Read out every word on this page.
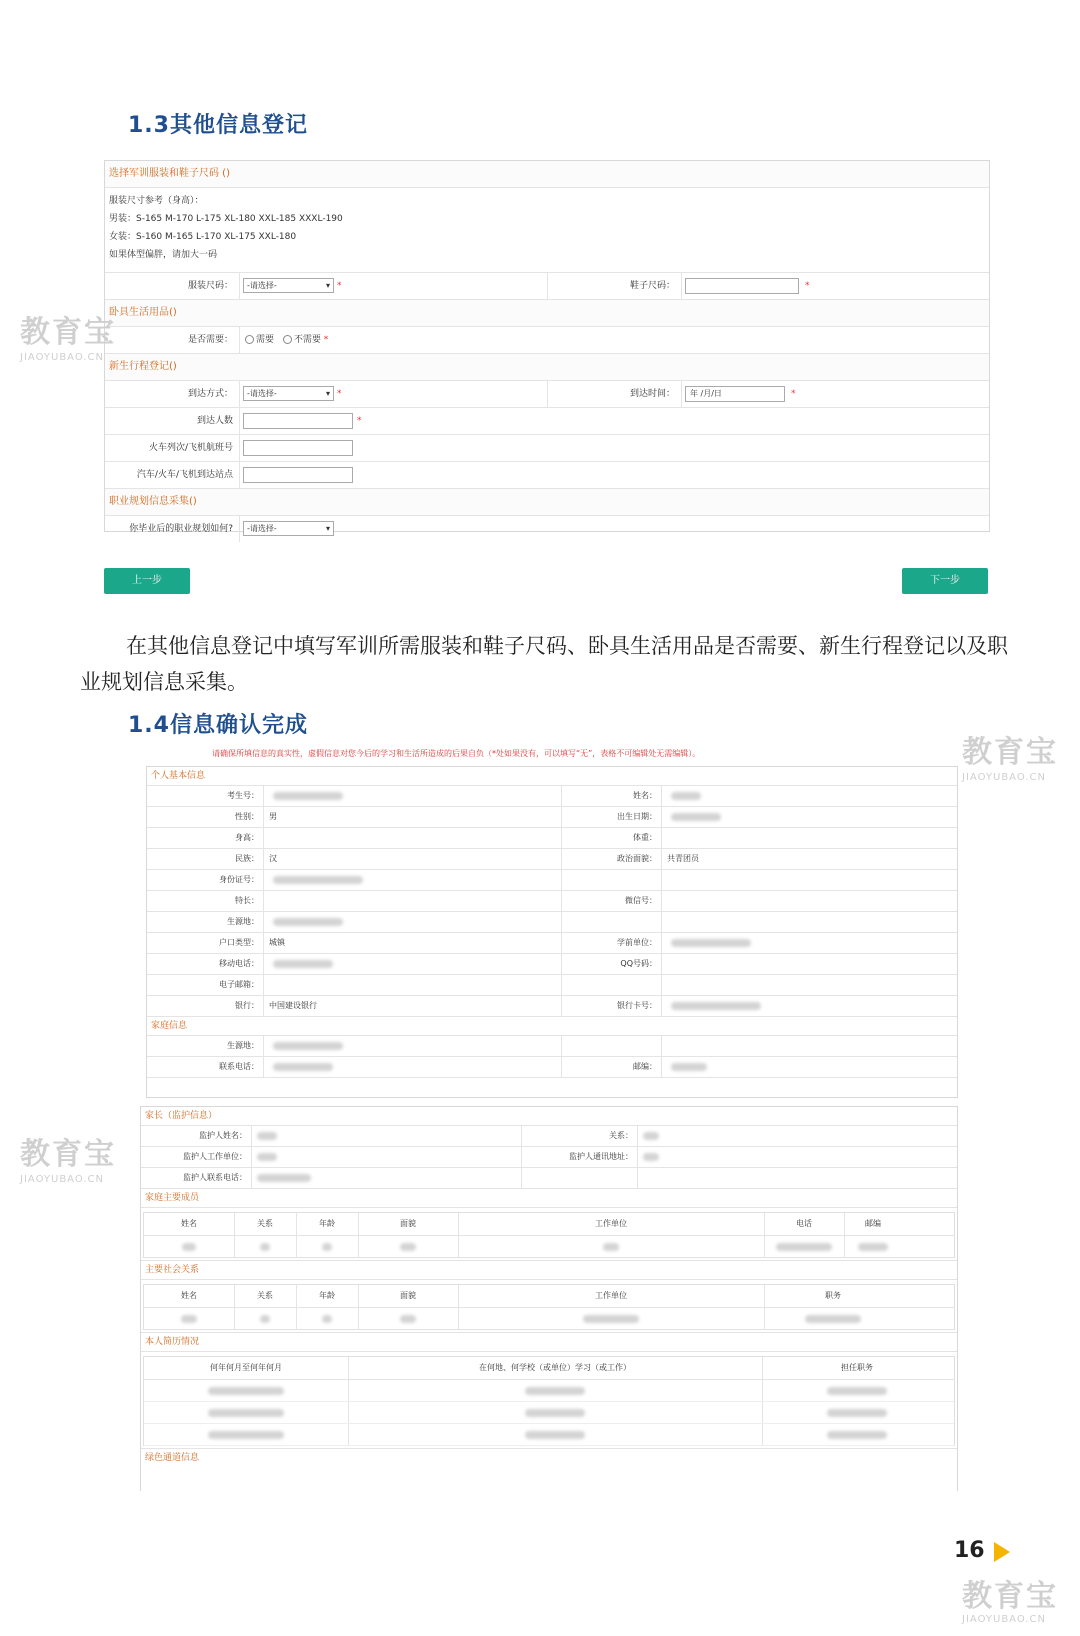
1.3其他信息登记
选择军训服装和鞋子尺码 ()
服装尺寸参考（身高）：
男装：S-165 M-170 L-175 XL-180 XXL-185 XXXL-190
女装：S-160 M-165 L-170 XL-175 XXL-180
如果体型偏胖，请加大一码
服装尺码：	-请选择-	▾ *	鞋子尺码：	*
卧具生活用品()
是否需要：	需要 不需要 *
新生行程登记()
到达方式：	-请选择-	▾ *	到达时间：	年 /月/日	*
到达人数	*
火车列次/飞机航班号
汽车/火车/飞机到达站点
职业规划信息采集()
你毕业后的职业规划如何?	-请选择-	▾
上一步	下一步
在其他信息登记中填写军训所需服装和鞋子尺码、卧具生活用品是否需要、新生行程登记以及职业规划信息采集。
1.4信息确认完成
请确保所填信息的真实性，虚假信息对您今后的学习和生活所造成的后果自负（*处如果没有，可以填写“无”，表格不可编辑处无需编辑）。
个人基本信息
考生号：	姓名：
性别： 男	出生日期：
身高：	体重：
民族： 汉	政治面貌： 共青团员
身份证号：
特长：	微信号：
生源地：
户口类型： 城镇	学前单位：
移动电话：	QQ号码：
电子邮箱：
银行： 中国建设银行	银行卡号：
家庭信息
生源地：
联系电话：	邮编：
家长（监护信息）
监护人姓名：	关系：
监护人工作单位：	监护人通讯地址：
监护人联系电话：
家庭主要成员
姓名	关系	年龄	面貌	工作单位	电话	邮编
主要社会关系
姓名	关系	年龄	面貌	工作单位	职务
本人简历情况
何年何月至何年何月	在何地、何学校（或单位）学习（或工作）	担任职务
绿色通道信息
教育宝
JIAOYUBAO.CN
教育宝
JIAOYUBAO.CN
教育宝
JIAOYUBAO.CN
教育宝
JIAOYUBAO.CN
16
